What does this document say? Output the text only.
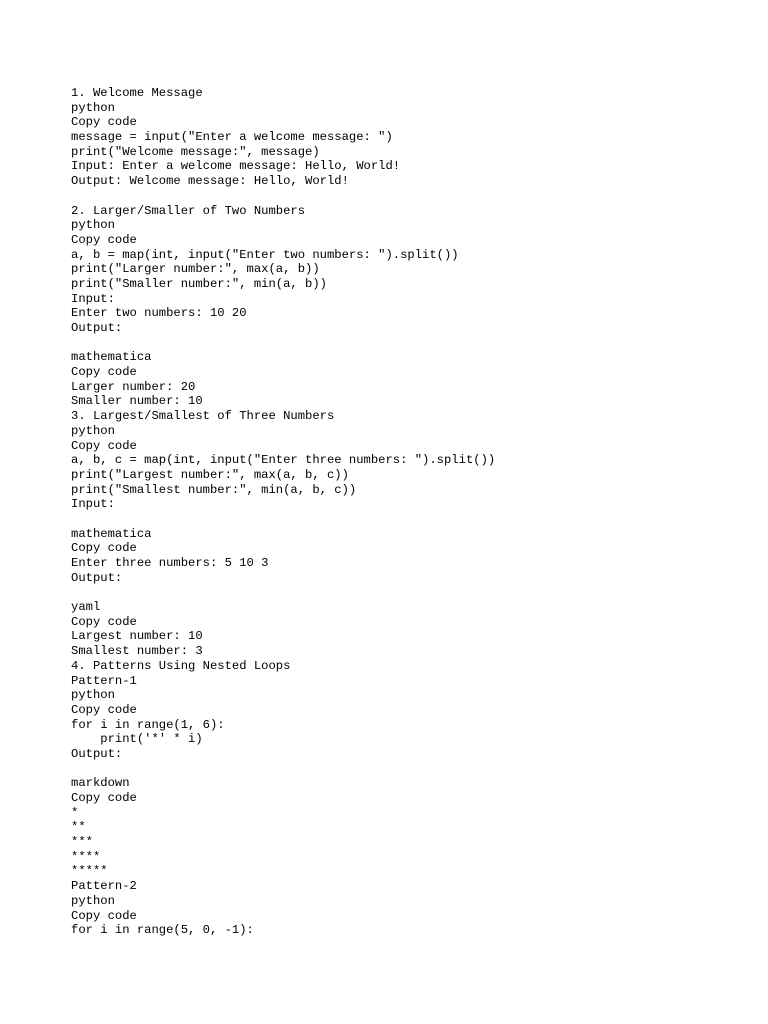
1. Welcome Message
python
Copy code
message = input("Enter a welcome message: ")
print("Welcome message:", message)
Input: Enter a welcome message: Hello, World!
Output: Welcome message: Hello, World!
2. Larger/Smaller of Two Numbers
python
Copy code
a, b = map(int, input("Enter two numbers: ").split())
print("Larger number:", max(a, b))
print("Smaller number:", min(a, b))
Input:
Enter two numbers: 10 20
Output:
mathematica
Copy code
Larger number: 20
Smaller number: 10
3. Largest/Smallest of Three Numbers
python
Copy code
a, b, c = map(int, input("Enter three numbers: ").split())
print("Largest number:", max(a, b, c))
print("Smallest number:", min(a, b, c))
Input:
mathematica
Copy code
Enter three numbers: 5 10 3
Output:
yaml
Copy code
Largest number: 10
Smallest number: 3
4. Patterns Using Nested Loops
Pattern-1
python
Copy code
for i in range(1, 6):
print('*' * i)
Output:
markdown
Copy code
*
**
***
****
*****
Pattern-2
python
Copy code
for i in range(5, 0, -1):
